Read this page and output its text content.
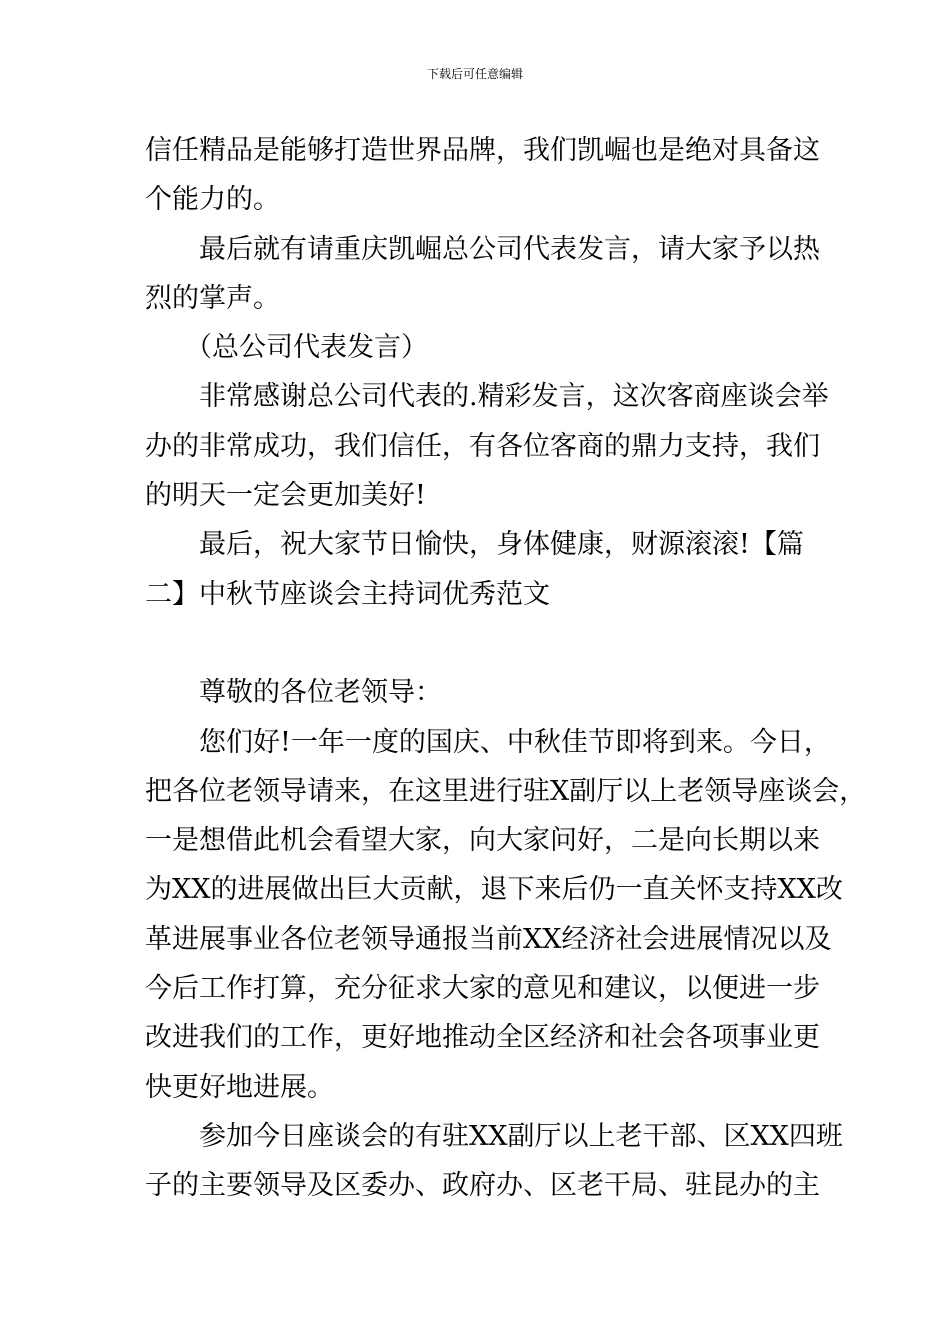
下载后可任意编辑
信任精品是能够打造世界品牌，我们凯崛也是绝对具备这
个能力的。
最后就有请重庆凯崛总公司代表发言，请大家予以热
烈的掌声。
（总公司代表发言）
非常感谢总公司代表的.精彩发言，这次客商座谈会举
办的非常成功，我们信任，有各位客商的鼎力支持，我们
的明天一定会更加美好!
最后，祝大家节日愉快，身体健康，财源滚滚!【篇
二】中秋节座谈会主持词优秀范文
尊敬的各位老领导：
您们好!一年一度的国庆、中秋佳节即将到来。今日，
把各位老领导请来，在这里进行驻X副厅以上老领导座谈会，
一是想借此机会看望大家，向大家问好，二是向长期以来
为XX的进展做出巨大贡献，退下来后仍一直关怀支持XX改
革进展事业各位老领导通报当前XX经济社会进展情况以及
今后工作打算，充分征求大家的意见和建议，以便进一步
改进我们的工作，更好地推动全区经济和社会各项事业更
快更好地进展。
参加今日座谈会的有驻XX副厅以上老干部、区XX四班
子的主要领导及区委办、政府办、区老干局、驻昆办的主
